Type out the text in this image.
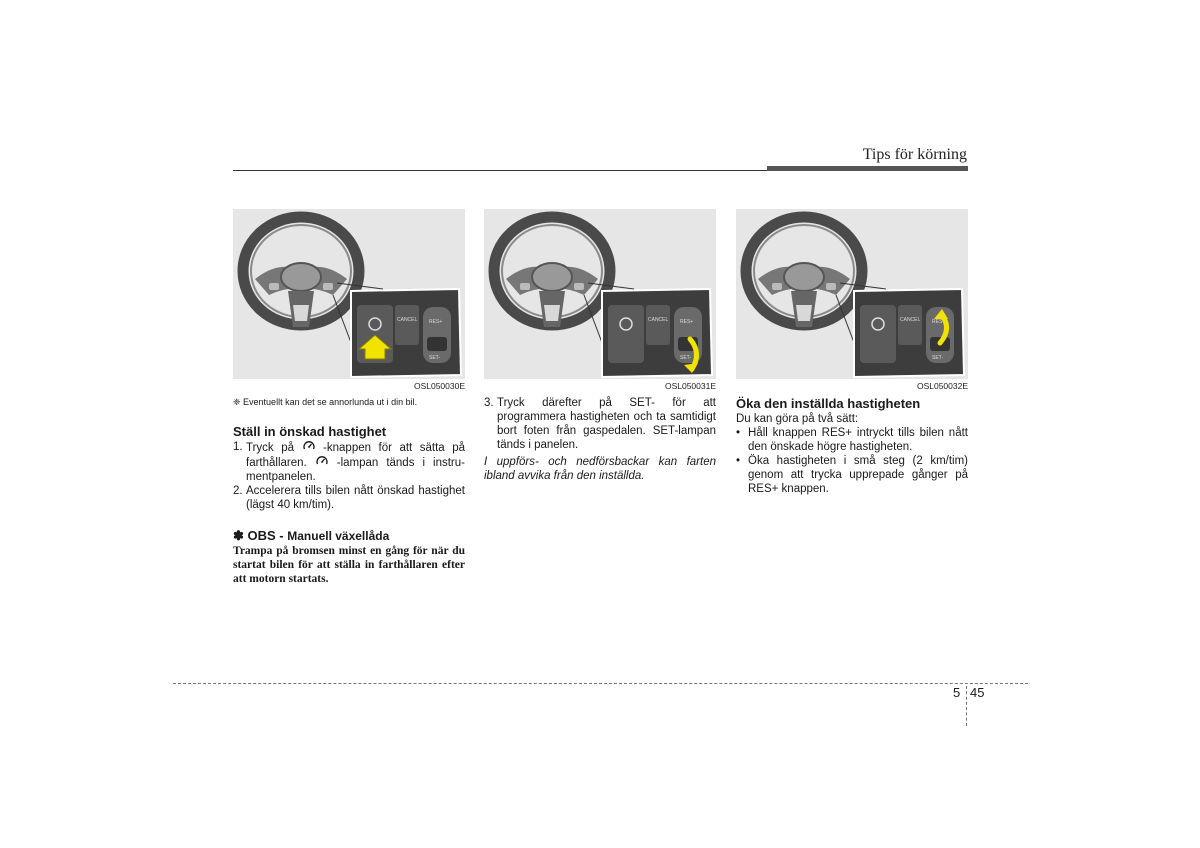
Tips för körning
CANCEL RES+
SET-
OSL050030E
❈ Eventuellt kan det se annorlunda ut i din bil.
Ställ in önskad hastighet
1. Tryck på  -knappen för att sätta på farthållaren.  -lampan tänds i instrumentpanelen.
2. Accelerera tills bilen nått önskad hastighet (lägst 40 km/tim).
✽ OBS - Manuell växellåda
Trampa på bromsen minst en gång för när du startat bilen för att ställa in farthållaren efter att motorn startats.
CANCEL RES+
SET-
OSL050031E
3. Tryck därefter på SET- för att programmera hastigheten och ta samtidigt bort foten från gaspedalen. SET-lampan tänds i panelen.
I uppförs- och nedförsbackar kan farten ibland avvika från den inställda.
CANCEL RES+
SET-
OSL050032E
Öka den inställda hastigheten
Du kan göra på två sätt:
• Håll knappen RES+ intryckt tills bilen nått den önskade högre hastigheten.
• Öka hastigheten i små steg (2 km/tim) genom att trycka upprepade gånger på RES+ knappen.
5 45
